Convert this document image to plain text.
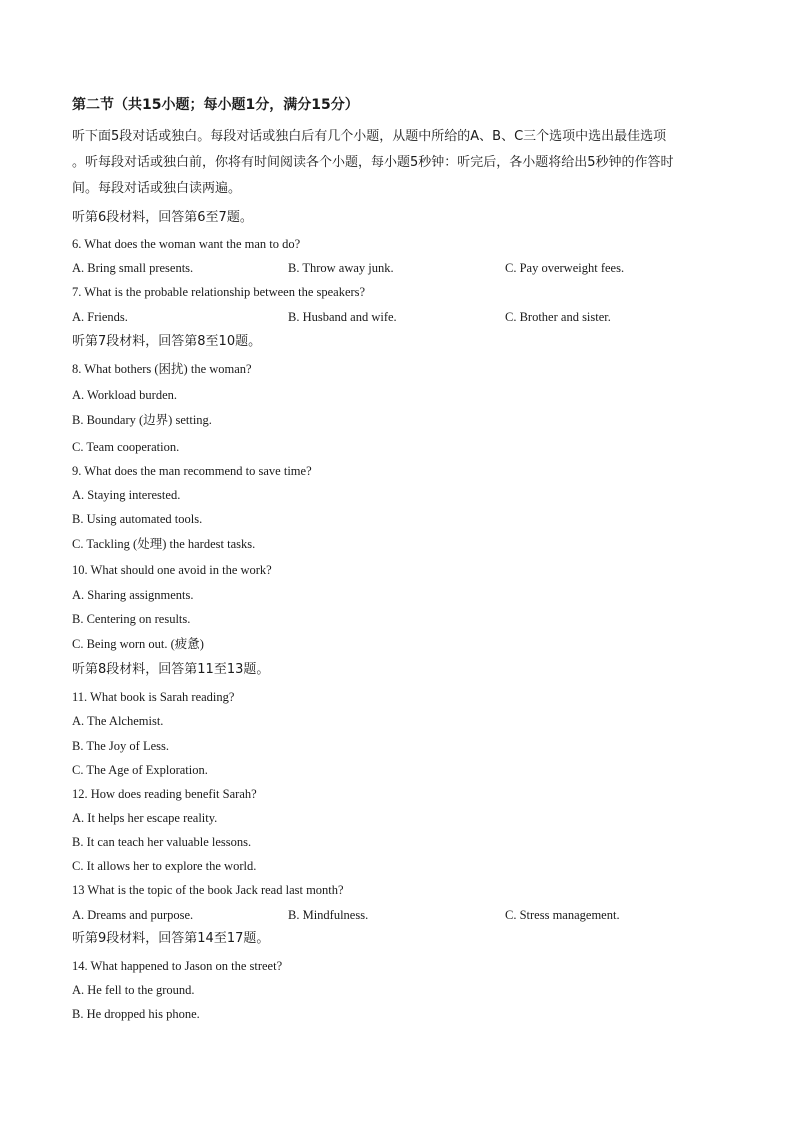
第二节（共15小题；每小题1分，满分15分）
听下面5段对话或独白。每段对话或独白后有几个小题，从题中所给的A、B、C三个选项中选出最佳选项
。听每段对话或独白前，你将有时间阅读各个小题，每小题5秒钟：听完后，各小题将给出5秒钟的作答时
间。每段对话或独白读两遍。
听第6段材料，回答第6至7题。
6. What does the woman want the man to do?
A. Bring small presents.	B. Throw away junk.	C. Pay overweight fees.
7. What is the probable relationship between the speakers?
A. Friends.	B. Husband and wife.	C. Brother and sister.
听第7段材料，回答第8至10题。
8. What bothers (困扰) the woman?
A. Workload burden.
B. Boundary (边界) setting.
C. Team cooperation.
9. What does the man recommend to save time?
A. Staying interested.
B. Using automated tools.
C. Tackling (处理) the hardest tasks.
10. What should one avoid in the work?
A. Sharing assignments.
B. Centering on results.
C. Being worn out. (疲惫)
听第8段材料，回答第11至13题。
11. What book is Sarah reading?
A. The Alchemist.
B. The Joy of Less.
C. The Age of Exploration.
12. How does reading benefit Sarah?
A. It helps her escape reality.
B. It can teach her valuable lessons.
C. It allows her to explore the world.
13 What is the topic of the book Jack read last month?
A. Dreams and purpose.	B. Mindfulness.	C. Stress management.
听第9段材料，回答第14至17题。
14. What happened to Jason on the street?
A. He fell to the ground.
B. He dropped his phone.
